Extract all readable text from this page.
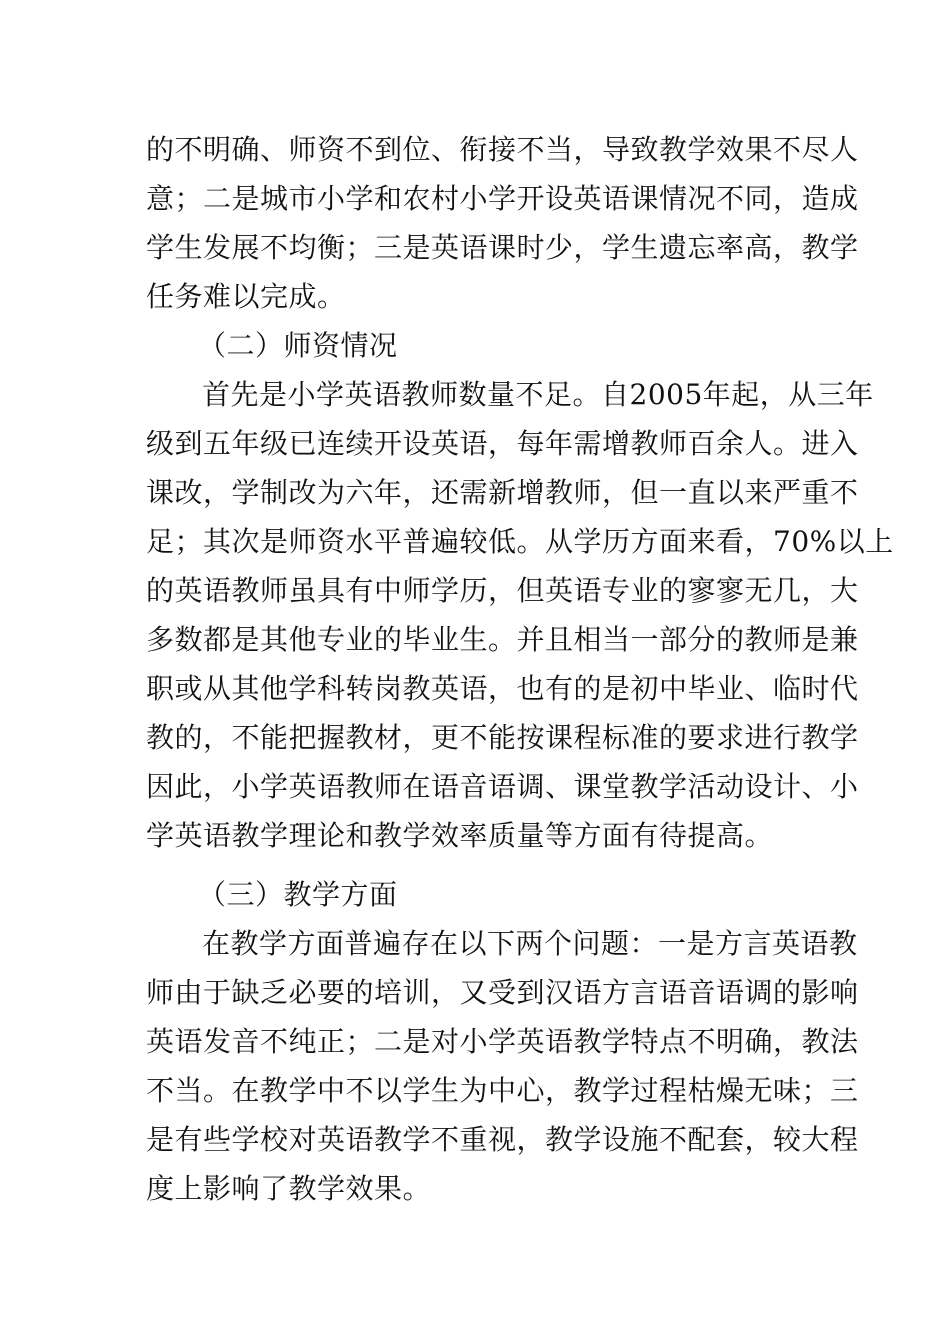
的不明确、师资不到位、衔接不当，导致教学效果不尽人
意；二是城市小学和农村小学开设英语课情况不同，造成
学生发展不均衡；三是英语课时少，学生遗忘率高，教学
任务难以完成。
（二）师资情况
首先是小学英语教师数量不足。自2005年起，从三年
级到五年级已连续开设英语，每年需增教师百余人。进入
课改，学制改为六年，还需新增教师，但一直以来严重不
足；其次是师资水平普遍较低。从学历方面来看，70%以上
的英语教师虽具有中师学历，但英语专业的寥寥无几，大
多数都是其他专业的毕业生。并且相当一部分的教师是兼
职或从其他学科转岗教英语，也有的是初中毕业、临时代
教的，不能把握教材，更不能按课程标准的要求进行教学
因此，小学英语教师在语音语调、课堂教学活动设计、小
学英语教学理论和教学效率质量等方面有待提高。
（三）教学方面
在教学方面普遍存在以下两个问题：一是方言英语教
师由于缺乏必要的培训，又受到汉语方言语音语调的影响
英语发音不纯正；二是对小学英语教学特点不明确，教法
不当。在教学中不以学生为中心，教学过程枯燥无味；三
是有些学校对英语教学不重视，教学设施不配套，较大程
度上影响了教学效果。
